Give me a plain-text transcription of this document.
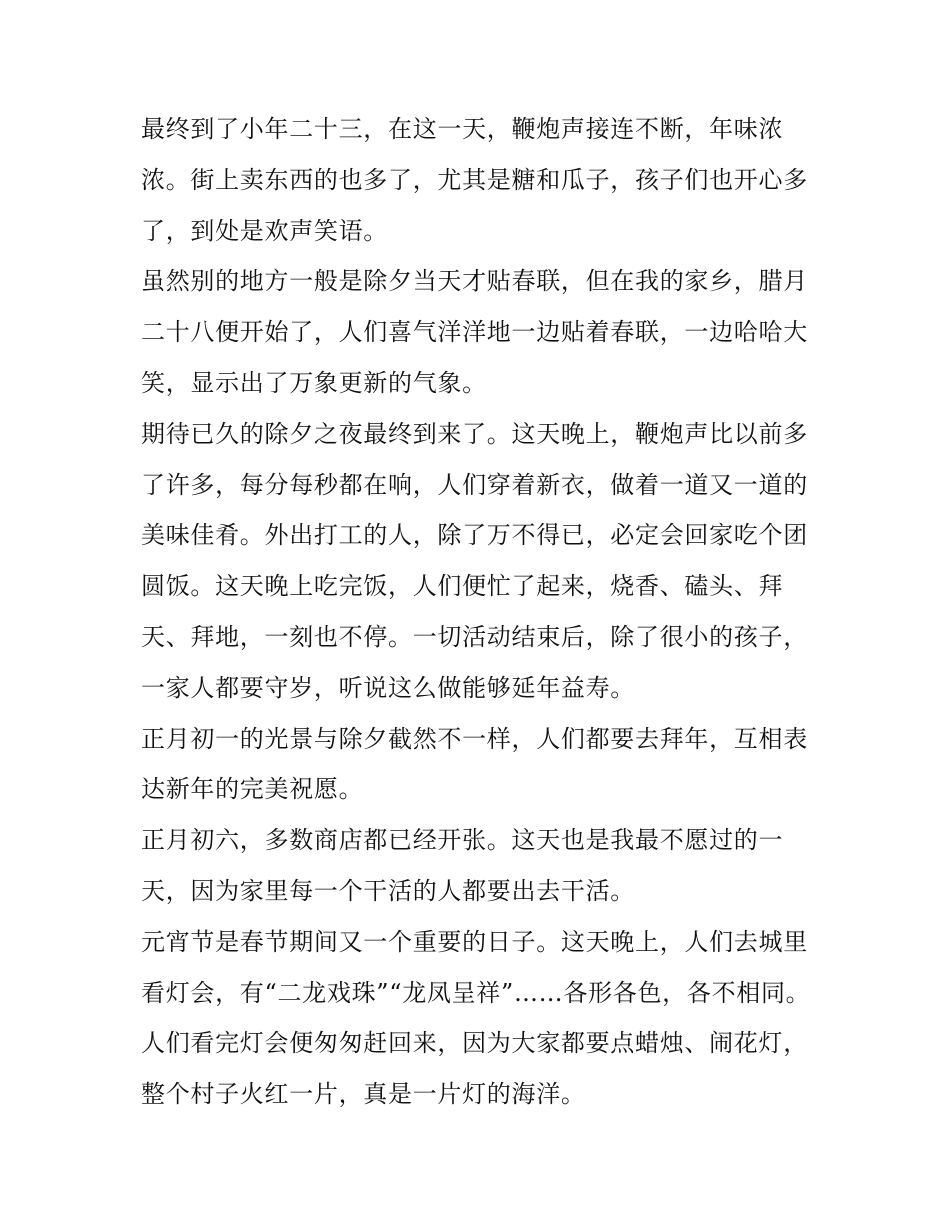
最终到了小年二十三，在这一天，鞭炮声接连不断，年味浓

浓。街上卖东西的也多了，尤其是糖和瓜子，孩子们也开心多

了，到处是欢声笑语。

虽然别的地方一般是除夕当天才贴春联，但在我的家乡，腊月

二十八便开始了，人们喜气洋洋地一边贴着春联，一边哈哈大

笑，显示出了万象更新的气象。

期待已久的除夕之夜最终到来了。这天晚上，鞭炮声比以前多

了许多，每分每秒都在响，人们穿着新衣，做着一道又一道的

美味佳肴。外出打工的人，除了万不得已，必定会回家吃个团

圆饭。这天晚上吃完饭，人们便忙了起来，烧香、磕头、拜

天、拜地，一刻也不停。一切活动结束后，除了很小的孩子，

一家人都要守岁，听说这么做能够延年益寿。

正月初一的光景与除夕截然不一样，人们都要去拜年，互相表

达新年的完美祝愿。

正月初六，多数商店都已经开张。这天也是我最不愿过的一

天，因为家里每一个干活的人都要出去干活。

元宵节是春节期间又一个重要的日子。这天晚上，人们去城里

看灯会，有“二龙戏珠”“龙凤呈祥”……各形各色，各不相同。

人们看完灯会便匆匆赶回来，因为大家都要点蜡烛、闹花灯，

整个村子火红一片，真是一片灯的海洋。
